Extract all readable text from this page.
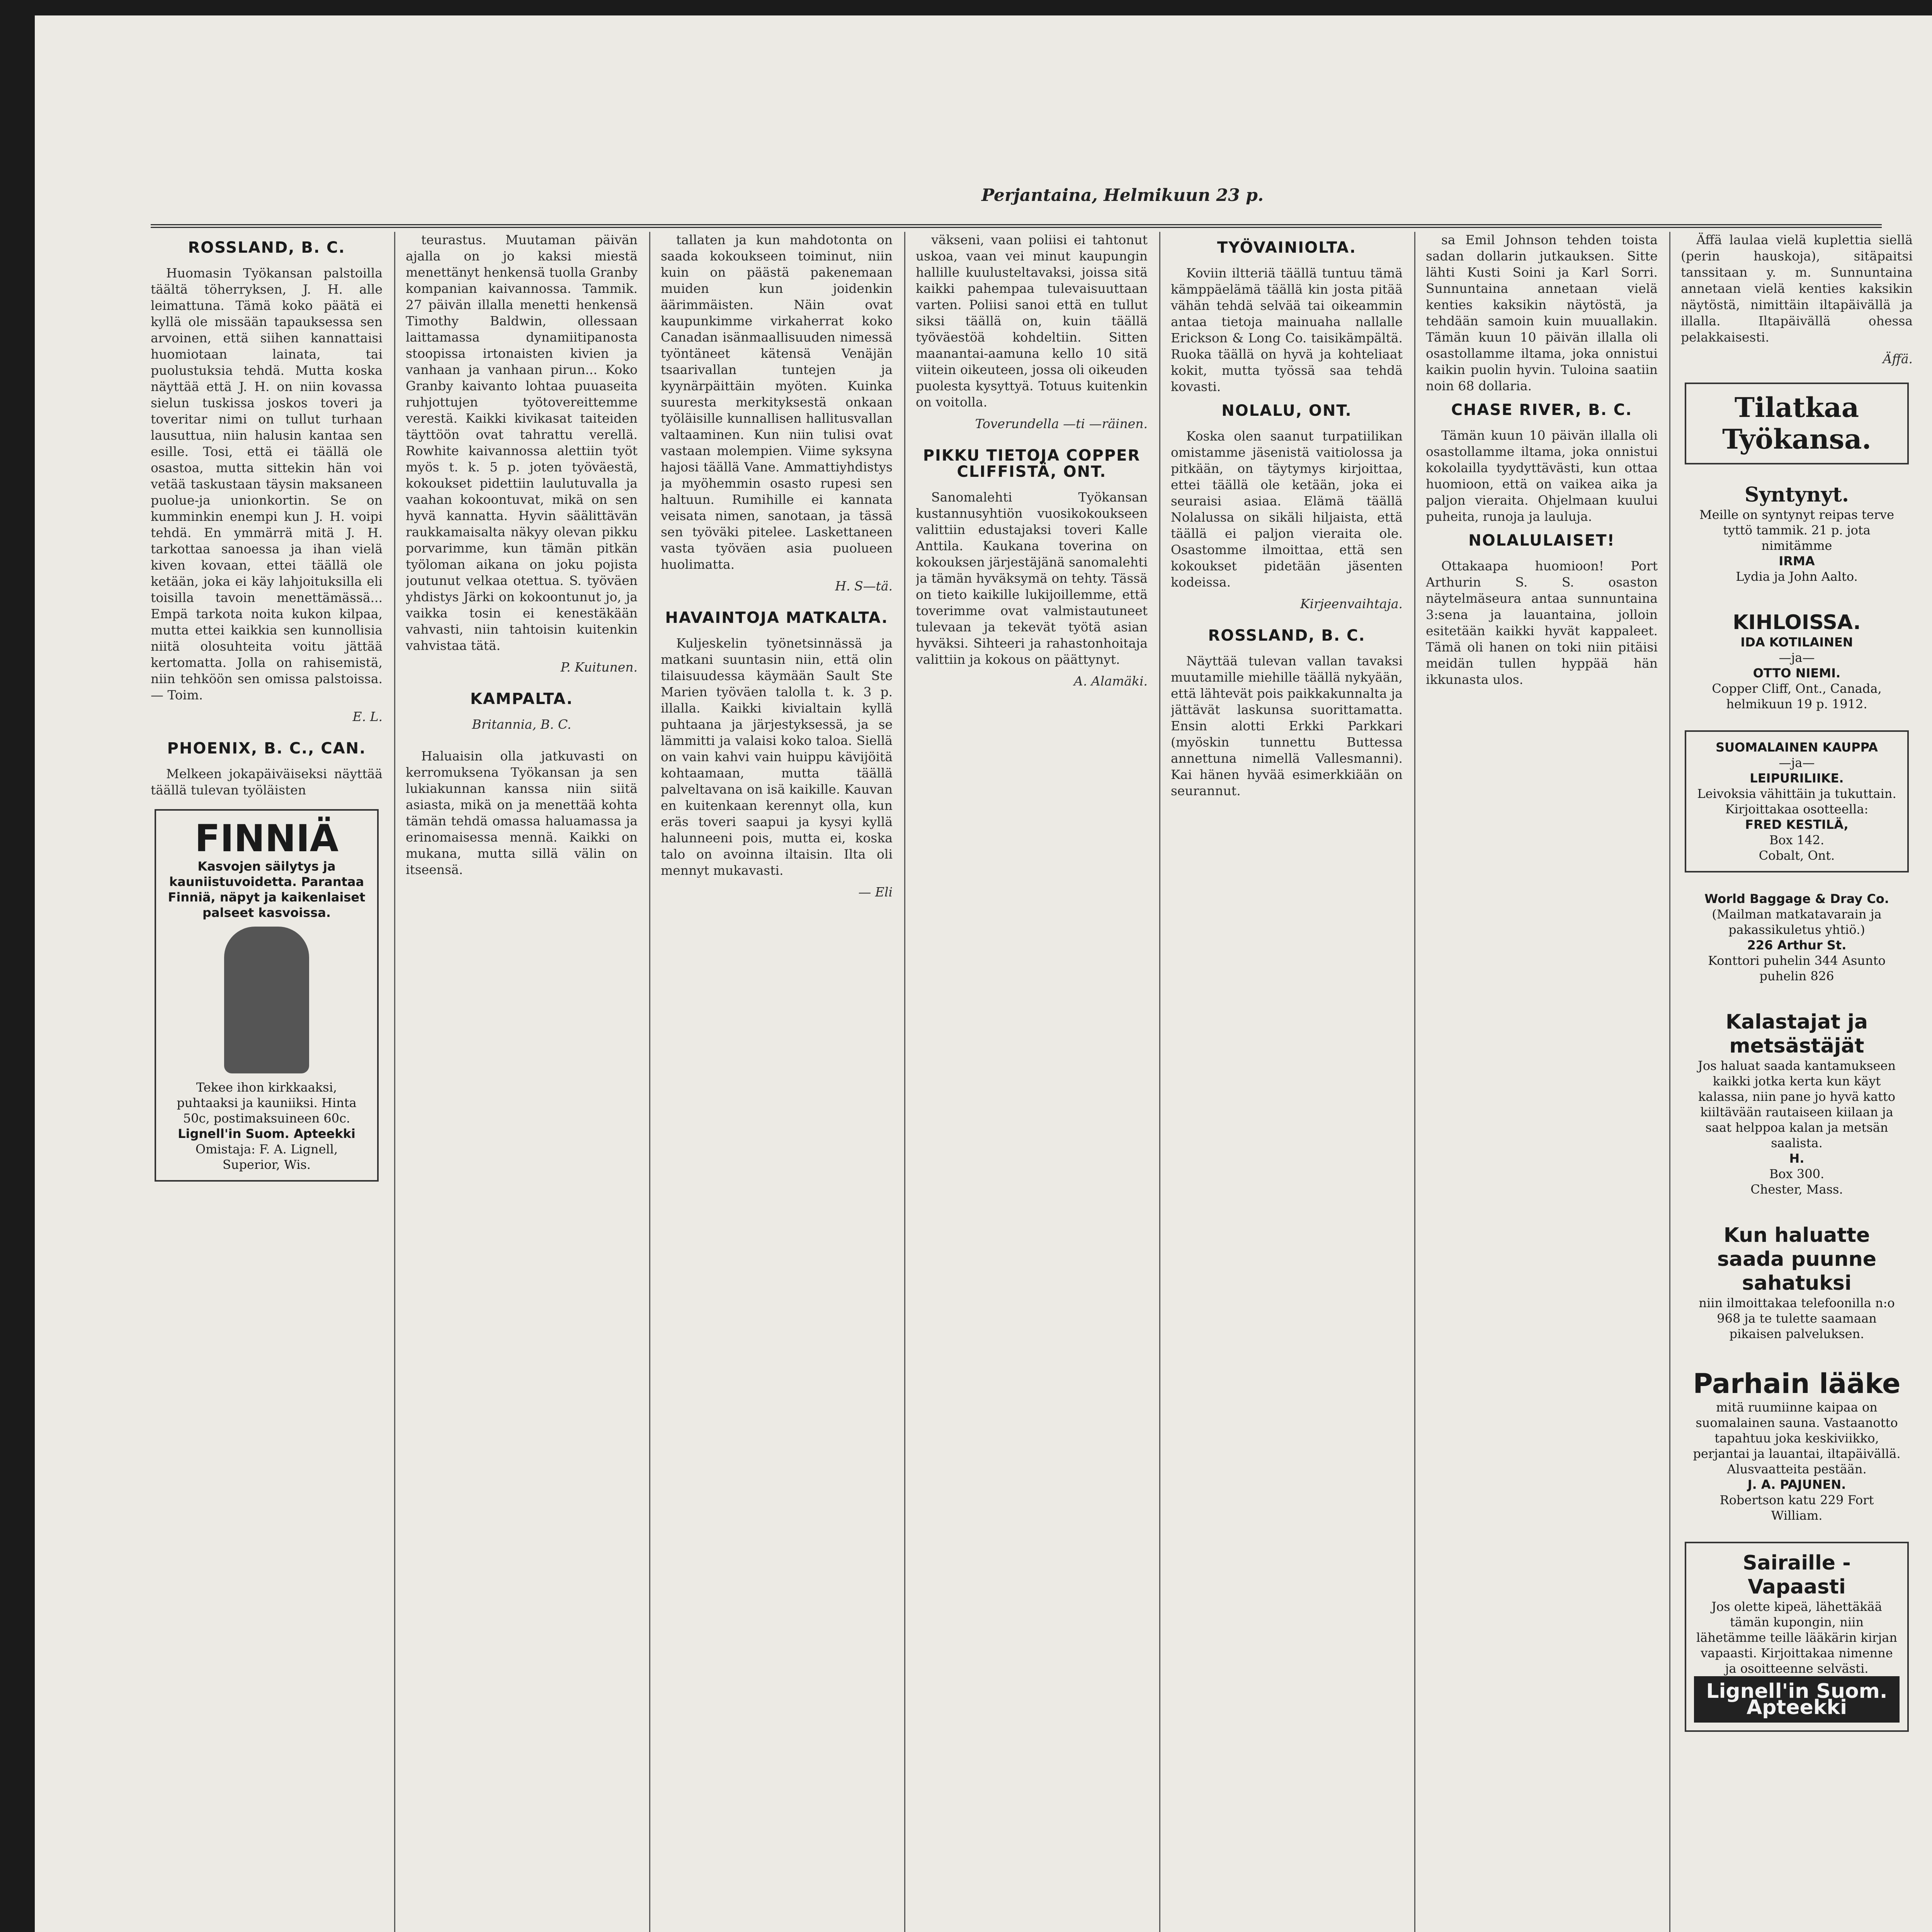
Perjantaina, Helmikuun 23 p.
ROSSLAND, B. C.

Huomasin Työkansan palstoilla täältä töherryksen, J. H. alle leimattuna. Tämä koko päätä ei kyllä ole missään tapauksessa sen arvoinen, että siihen kannattaisi huomiotaan lainata, tai puolustuksia tehdä. Mutta koska näyttää että J. H. on niin kovassa sielun tuskissa joskos toveri ja toveritar nimi on tullut turhaan lausuttua, niin halusin kantaa sen esille. Tosi, että ei täällä ole osastoa, mutta sittekin hän voi vetää taskustaan täysin maksaneen puolue-ja unionkortin. Se on kumminkin enempi kun J. H. voipi tehdä. En ymmärrä mitä J. H. tarkottaa sanoessa ja ihan vielä kiven kovaan, ettei täällä ole ketään, joka ei käy lahjoituksilla eli toisilla tavoin menettämässä... Empä tarkota noita kukon kilpaa, mutta ettei kaikkia sen kunnollisia niitä olosuhteita voitu jättää kertomatta. Jolla on rahisemistä, niin tehköön sen omissa palstoissa. — Toim.

E. L.
PHOENIX, B. C., CAN.

Melkeen jokapäiväiseksi näyttää täällä tulevan työläisten

FINNIÄ
Kasvojen säilytys ja kauniistuvoidetta. Parantaa Finniä, näpyt ja kaikenlaiset palseet kasvoissa.
Tekee ihon kirkkaaksi, puhtaaksi ja kauniiksi. Hinta 50c, postimaksuineen 60c.
Lignell'in Suom. Apteekki
Omistaja: F. A. Lignell,
Superior, Wis.

teurastus. Muutaman päivän ajalla on jo kaksi miestä menettänyt henkensä tuolla Granby kompanian kaivannossa. Tammik. 27 päivän illalla menetti henkensä Timothy Baldwin, ollessaan laittamassa dynamiitipanosta stoopissa irtonaisten kivien ja vanhaan ja vanhaan pirun... Koko Granby kaivanto lohtaa puuaseita ruhjottujen työtovereittemme verestä. Kaikki kivikasat taiteiden täyttöön ovat tahrattu verellä. Rowhite kaivannossa alettiin työt myös t. k. 5 p. joten työväestä, kokoukset pidettiin laulutuvalla ja vaahan kokoontuvat, mikä on sen hyvä kannatta. Hyvin säälittävän raukkamaisalta näkyy olevan pikku porvarimme, kun tämän pitkän työloman aikana on joku pojista joutunut velkaa otettua. S. työväen yhdistys Järki on kokoontunut jo, ja vaikka tosin ei kenestäkään vahvasti, niin tahtoisin kuitenkin vahvistaa tätä.

P. Kuitunen.
KAMPALTA.
Britannia, B. C.

Haluaisin olla jatkuvasti on kerromuksena Työkansan ja sen lukiakunnan kanssa niin siitä asiasta, mikä on ja menettää kohta tämän tehdä omassa haluamassa ja erinomaisessa mennä. Kaikki on mukana, mutta sillä välin on itseensä.

tallaten ja kun mahdotonta on saada kokoukseen toiminut, niin kuin on päästä pakenemaan muiden kun joidenkin äärimmäisten. Näin ovat kaupunkimme virkaherrat koko Canadan isänmaallisuuden nimessä työntäneet kätensä Venäjän tsaarivallan tuntejen ja kyynärpäittäin myöten. Kuinka suuresta merkityksestä onkaan työläisille kunnallisen hallitusvallan valtaaminen. Kun niin tulisi ovat vastaan molempien. Viime syksyna hajosi täällä Vane. Ammattiyhdistys ja myöhemmin osasto rupesi sen haltuun. Rumihille ei kannata veisata nimen, sanotaan, ja tässä sen työväki pitelee. Laskettaneen vasta työväen asia puolueen huolimatta.

H. S—tä.
HAVAINTOJA MATKALTA.

Kuljeskelin työnetsinnässä ja matkani suuntasin niin, että olin tilaisuudessa käymään Sault Ste Marien työväen talolla t. k. 3 p. illalla. Kaikki kivialtain kyllä puhtaana ja järjestyksessä, ja se lämmitti ja valaisi koko taloa. Siellä on vain kahvi vain huippu kävijöitä kohtaamaan, mutta täällä palveltavana on isä kaikille. Kauvan en kuitenkaan kerennyt olla, kun eräs toveri saapui ja kysyi kyllä halunneeni pois, mutta ei, koska talo on avoinna iltaisin. Ilta oli mennyt mukavasti.

— Eli

väkseni, vaan poliisi ei tahtonut uskoa, vaan vei minut kaupungin hallille kuulusteltavaksi, joissa sitä kaikki pahempaa tulevaisuuttaan varten. Poliisi sanoi että en tullut siksi täällä on, kuin täällä työväestöä kohdeltiin. Sitten maanantai-aamuna kello 10 sitä viitein oikeuteen, jossa oli oikeuden puolesta kysyttyä. Totuus kuitenkin on voitolla.

Toverundella —ti —räinen.
PIKKU TIETOJA COPPER CLIFFISTÄ, ONT.

Sanomalehti Työkansan kustannusyhtiön vuosikokoukseen valittiin edustajaksi toveri Kalle Anttila. Kaukana toverina on kokouksen järjestäjänä sanomalehti ja tämän hyväksymä on tehty. Tässä on tieto kaikille lukijoillemme, että toverimme ovat valmistautuneet tulevaan ja tekevät työtä asian hyväksi. Sihteeri ja rahastonhoitaja valittiin ja kokous on päättynyt.

A. Alamäki.
TYÖVAINIOLTA.

Koviin iltteriä täällä tuntuu tämä kämppäelämä täällä kin josta pitää vähän tehdä selvää tai oikeammin antaa tietoja mainuaha nallalle Erickson & Long Co. taisikämpältä. Ruoka täällä on hyvä ja kohteliaat kokit, mutta työssä saa tehdä kovasti.

NOLALU, ONT.

Koska olen saanut turpatiilikan omistamme jäsenistä vaitiolossa ja pitkään, on täytymys kirjoittaa, ettei täällä ole ketään, joka ei seuraisi asiaa. Elämä täällä Nolalussa on sikäli hiljaista, että täällä ei paljon vieraita ole. Osastomme ilmoittaa, että sen kokoukset pidetään jäsenten kodeissa.

Kirjeenvaihtaja.
ROSSLAND, B. C.

Näyttää tulevan vallan tavaksi muutamille miehille täällä nykyään, että lähtevät pois paikkakunnalta ja jättävät laskunsa suorittamatta. Ensin alotti Erkki Parkkari (myöskin tunnettu Buttessa annettuna nimellä Vallesmanni). Kai hänen hyvää esimerkkiään on seurannut.

sa Emil Johnson tehden toista sadan dollarin jutkauksen. Sitte lähti Kusti Soini ja Karl Sorri. Sunnuntaina annetaan vielä kenties kaksikin näytöstä, ja tehdään samoin kuin muuallakin. Tämän kuun 10 päivän illalla oli osastollamme iltama, joka onnistui kaikin puolin hyvin. Tuloina saatiin noin 68 dollaria.

CHASE RIVER, B. C.

Tämän kuun 10 päivän illalla oli osastollamme iltama, joka onnistui kokolailla tyydyttävästi, kun ottaa huomioon, että on vaikea aika ja paljon vieraita. Ohjelmaan kuului puheita, runoja ja lauluja.

NOLALULAISET!

Ottakaapa huomioon! Port Arthurin S. S. osaston näytelmäseura antaa sunnuntaina 3:sena ja lauantaina, jolloin esitetään kaikki hyvät kappaleet. Tämä oli hanen on toki niin pitäisi meidän tullen hyppää hän ikkunasta ulos.

Äffä laulaa vielä kuplettia siellä (perin hauskoja), sitäpaitsi tanssitaan y. m. Sunnuntaina annetaan vielä kenties kaksikin näytöstä, nimittäin iltapäivällä ja illalla. Iltapäivällä ohessa pelakkaisesti.

Äffä.
Tilatkaa Työkansa.
Syntynyt.
Meille on syntynyt reipas terve tyttö tammik. 21 p. jota nimitämme
IRMA
Lydia ja John Aalto.
KIHLOISSA.
IDA KOTILAINEN
—ja—
OTTO NIEMI.
Copper Cliff, Ont., Canada, helmikuun 19 p. 1912.
SUOMALAINEN KAUPPA
—ja—
LEIPURILIIKE.
Leivoksia vähittäin ja tukuttain. Kirjoittakaa osotteella:
FRED KESTILÄ,
Box 142.
Cobalt, Ont.
World Baggage & Dray Co.
(Mailman matkatavarain ja pakassikuletus yhtiö.)
226 Arthur St.
Konttori puhelin 344 Asunto puhelin 826
Kalastajat ja metsästäjät
Jos haluat saada kantamukseen kaikki jotka kerta kun käyt kalassa, niin pane jo hyvä katto kiiltävään rautaiseen kiilaan ja saat helppoa kalan ja metsän saalista.
H.
Box 300.
Chester, Mass.
Kun haluatte saada puunne sahatuksi
niin ilmoittakaa telefoonilla n:o 968 ja te tulette saamaan pikaisen palveluksen.
Parhain lääke
mitä ruumiinne kaipaa on suomalainen sauna. Vastaanotto tapahtuu joka keskiviikko, perjantai ja lauantai, iltapäivällä.
Alusvaatteita pestään.
J. A. PAJUNEN.
Robertson katu 229 Fort William.
Sairaille - Vapaasti
Jos olette kipeä, lähettäkää tämän kupongin, niin lähetämme teille lääkärin kirjan vapaasti. Kirjoittakaa nimenne ja osoitteenne selvästi.
Lignell'in Suom. Apteekki
